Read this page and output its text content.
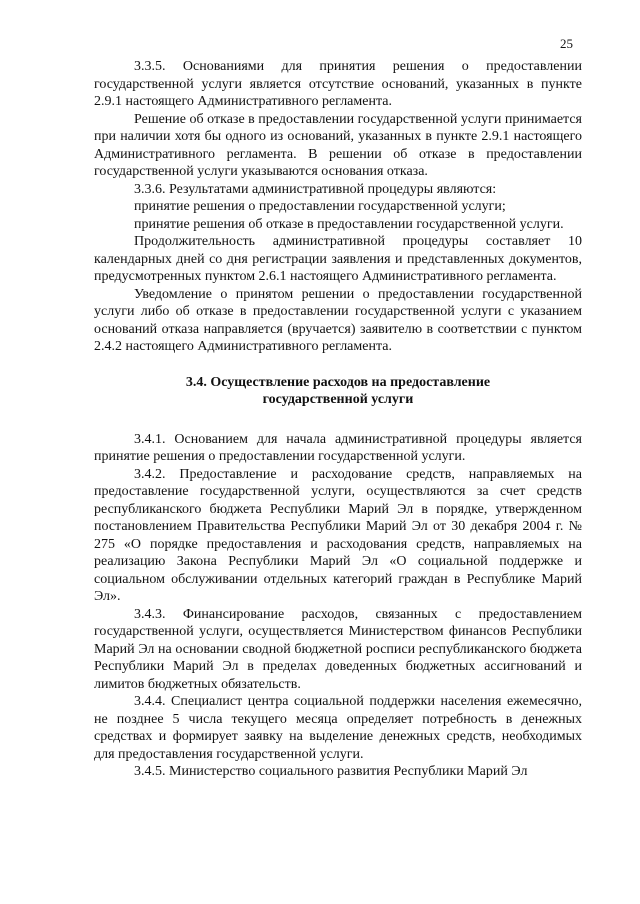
25

3.3.5. Основаниями для принятия решения о предоставлении государственной услуги является отсутствие оснований, указанных в пункте 2.9.1 настоящего Административного регламента.

Решение об отказе в предоставлении государственной услуги принимается при наличии хотя бы одного из оснований, указанных в пункте 2.9.1 настоящего Административного регламента. В решении об отказе в предоставлении государственной услуги указываются основания отказа.

3.3.6. Результатами административной процедуры являются:

принятие решения о предоставлении государственной услуги;

принятие решения об отказе в предоставлении государственной услуги.

Продолжительность административной процедуры составляет 10 календарных дней со дня регистрации заявления и представленных документов, предусмотренных пунктом 2.6.1 настоящего Административного регламента.

Уведомление о принятом решении о предоставлении государственной услуги либо об отказе в предоставлении государственной услуги с указанием оснований отказа направляется (вручается) заявителю в соответствии с пунктом 2.4.2 настоящего Административного регламента.

3.4. Осуществление расходов на предоставление
государственной услуги

3.4.1. Основанием для начала административной процедуры является принятие решения о предоставлении государственной услуги.

3.4.2. Предоставление и расходование средств, направляемых на предоставление государственной услуги, осуществляются за счет средств республиканского бюджета Республики Марий Эл в порядке, утвержденном постановлением Правительства Республики Марий Эл от 30 декабря 2004 г. № 275 «О порядке предоставления и расходования средств, направляемых на реализацию Закона Республики Марий Эл «О социальной поддержке и социальном обслуживании отдельных категорий граждан в Республике Марий Эл».

3.4.3. Финансирование расходов, связанных с предоставлением государственной услуги, осуществляется Министерством финансов Республики Марий Эл на основании сводной бюджетной росписи республиканского бюджета Республики Марий Эл в пределах доведенных бюджетных ассигнований и лимитов бюджетных обязательств.

3.4.4. Специалист центра социальной поддержки населения ежемесячно, не позднее 5 числа текущего месяца определяет потребность в денежных средствах и формирует заявку на выделение денежных средств, необходимых для предоставления государственной услуги.

3.4.5. Министерство социального развития Республики Марий Эл
